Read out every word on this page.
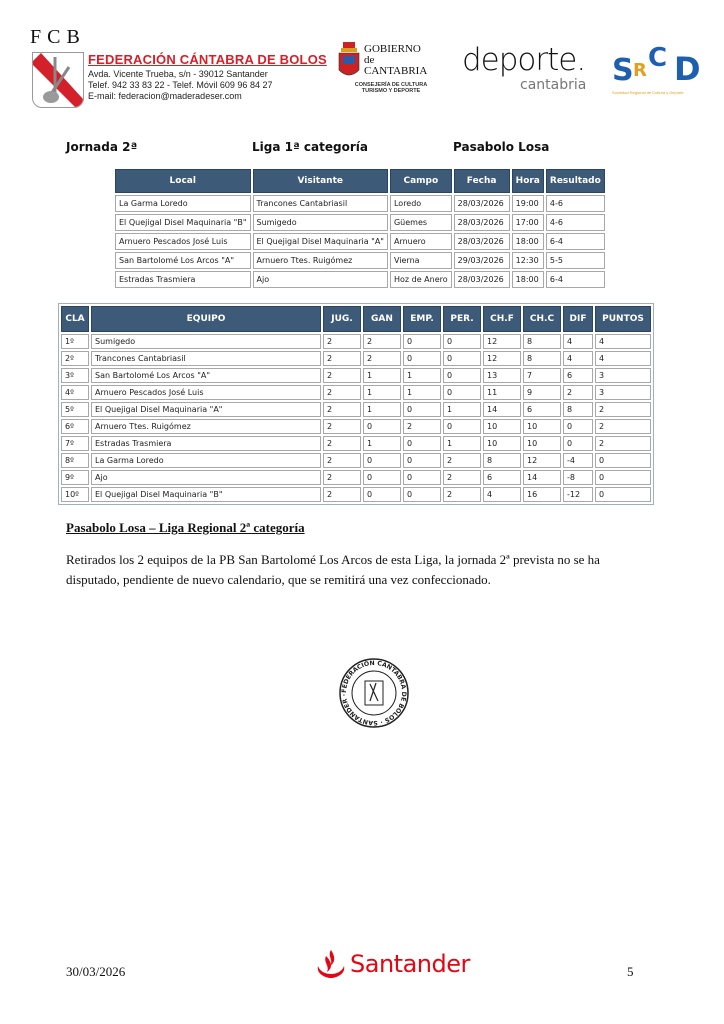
FCB
FEDERACIÓN CÁNTABRA DE BOLOS
Avda. Vicente Trueba, s/n - 39012 Santander
Telef. 942 33 83 22 - Telef. Móvil 609 96 84 27
E-mail: federacion@maderadeser.com
GOBIERNO
de
CANTABRIA
CONSEJERÍA DE CULTURA
TURISMO Y DEPORTE
deporte.
cantabria S R C D
Sociedad Regional de Cultura y Deporte
Jornada 2ª	Liga 1ª categoría	Pasabolo Losa
Local	Visitante	Campo	Fecha	Hora	Resultado
La Garma Loredo	Trancones Cantabriasil	Loredo	28/03/2026	19:00	4-6
El Quejigal Disel Maquinaria "B"	Sumigedo	Güemes	28/03/2026	17:00	4-6
Arnuero Pescados José Luis	El Quejigal Disel Maquinaria "A"	Arnuero	28/03/2026	18:00	6-4
San Bartolomé Los Arcos "A"	Arnuero Ttes. Ruigómez	Vierna	29/03/2026	12:30	5-5
Estradas Trasmiera	Ajo	Hoz de Anero	28/03/2026	18:00	6-4
CLA	EQUIPO	JUG.	GAN	EMP.	PER.	CH.F	CH.C	DIF	PUNTOS
1º	Sumigedo	2	2	0	0	12	8	4	4
2º	Trancones Cantabriasil	2	2	0	0	12	8	4	4
3º	San Bartolomé Los Arcos "A"	2	1	1	0	13	7	6	3
4º	Arnuero Pescados José Luis	2	1	1	0	11	9	2	3
5º	El Quejigal Disel Maquinaria "A"	2	1	0	1	14	6	8	2
6º	Arnuero Ttes. Ruigómez	2	0	2	0	10	10	0	2
7º	Estradas Trasmiera	2	1	0	1	10	10	0	2
8º	La Garma Loredo	2	0	0	2	8	12	-4	0
9º	Ajo	2	0	0	2	6	14	-8	0
10º	El Quejigal Disel Maquinaria "B"	2	0	0	2	4	16	-12	0
Pasabolo Losa – Liga Regional 2ª categoría
Retirados los 2 equipos de la PB San Bartolomé Los Arcos de esta Liga, la jornada 2ª prevista no se ha disputado, pendiente de nuevo calendario, que se remitirá una vez confeccionado.
FEDERACIÓN CÁNTABRA DE BOLOS · SANTANDER ·
30/03/2026	Santander	5
